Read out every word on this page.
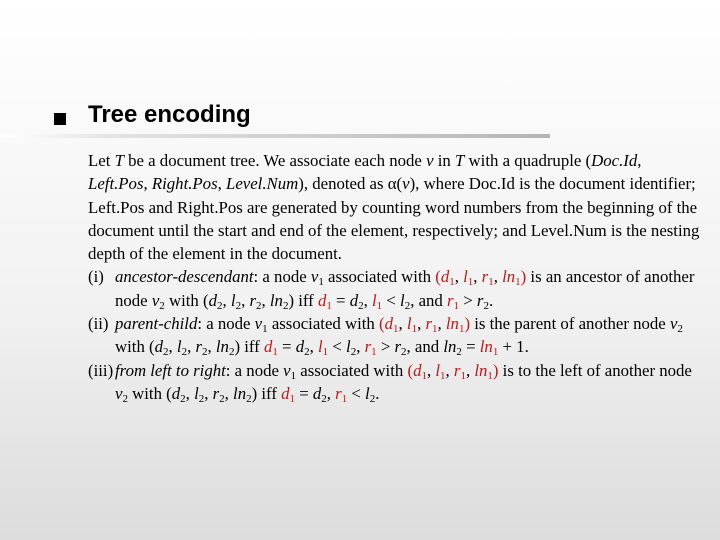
Tree encoding

Let T be a document tree. We associate each node v in T with a quadruple (Doc.Id, Left.Pos, Right.Pos, Level.Num), denoted as α(v), where Doc.Id is the document identifier; Left.Pos and Right.Pos are generated by counting word numbers from the beginning of the document until the start and end of the element, respectively; and Level.Num is the nesting depth of the element in the document.

(i) ancestor-descendant: a node $v_1$ associated with ($d_1$, $l_1$, $r_1$, $\ln_1$) is an ancestor of another node $v_2$ with ($d_2$, $l_2$, $r_2$, $\ln_2$) iff $d_1 = d_2$, $l_1 < l_2$, and $r_1 > r_2$.

(ii) parent-child: a node $v_1$ associated with ($d_1$, $l_1$, $r_1$, $\ln_1$) is the parent of another node $v_2$ with ($d_2$, $l_2$, $r_2$, $\ln_2$) iff $d_1 = d_2$, $l_1 < l_2$, $r_1 > r_2$, and $\ln_2 = \ln_1 + 1$.

(iii) from left to right: a node $v_1$ associated with ($d_1$, $l_1$, $r_1$, $\ln_1$) is to the left of another node $v_2$ with ($d_2$, $l_2$, $r_2$, $\ln_2$) iff $d_1 = d_2$, $r_1 < l_2$.
